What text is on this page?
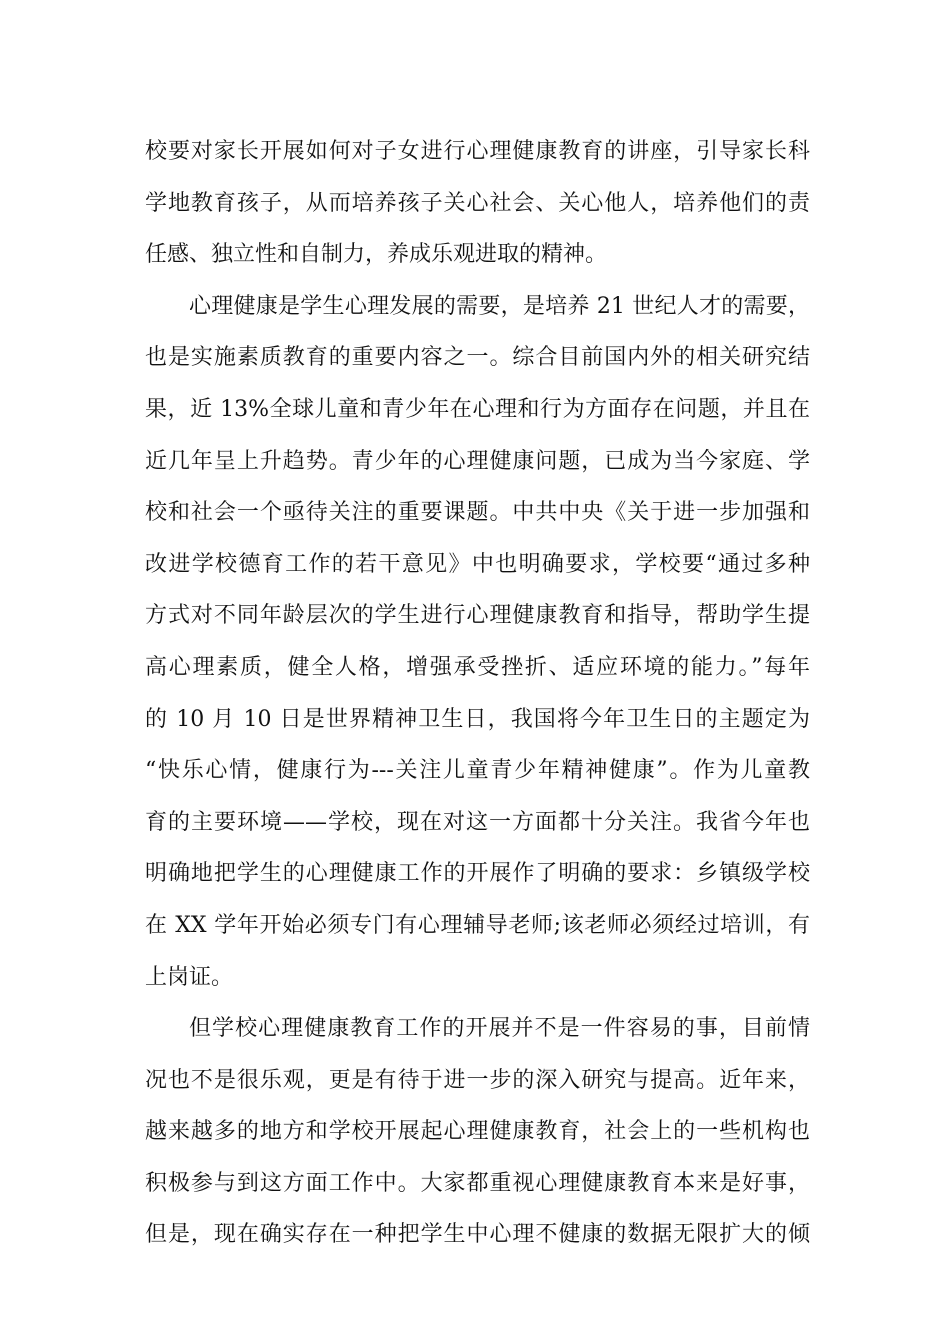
校要对家长开展如何对子女进行心理健康教育的讲座，引导家长科
学地教育孩子，从而培养孩子关心社会、关心他人，培养他们的责
任感、独立性和自制力，养成乐观进取的精神。
心理健康是学生心理发展的需要，是培养 21 世纪人才的需要，
也是实施素质教育的重要内容之一。综合目前国内外的相关研究结
果，近 13%全球儿童和青少年在心理和行为方面存在问题，并且在
近几年呈上升趋势。青少年的心理健康问题，已成为当今家庭、学
校和社会一个亟待关注的重要课题。中共中央《关于进一步加强和
改进学校德育工作的若干意见》中也明确要求，学校要“通过多种
方式对不同年龄层次的学生进行心理健康教育和指导，帮助学生提
高心理素质，健全人格，增强承受挫折、适应环境的能力。”每年
的 10 月 10 日是世界精神卫生日，我国将今年卫生日的主题定为
“快乐心情，健康行为---关注儿童青少年精神健康”。作为儿童教
育的主要环境——学校，现在对这一方面都十分关注。我省今年也
明确地把学生的心理健康工作的开展作了明确的要求：乡镇级学校
在 XX 学年开始必须专门有心理辅导老师;该老师必须经过培训，有
上岗证。
但学校心理健康教育工作的开展并不是一件容易的事，目前情
况也不是很乐观，更是有待于进一步的深入研究与提高。近年来，
越来越多的地方和学校开展起心理健康教育，社会上的一些机构也
积极参与到这方面工作中。大家都重视心理健康教育本来是好事，
但是，现在确实存在一种把学生中心理不健康的数据无限扩大的倾
